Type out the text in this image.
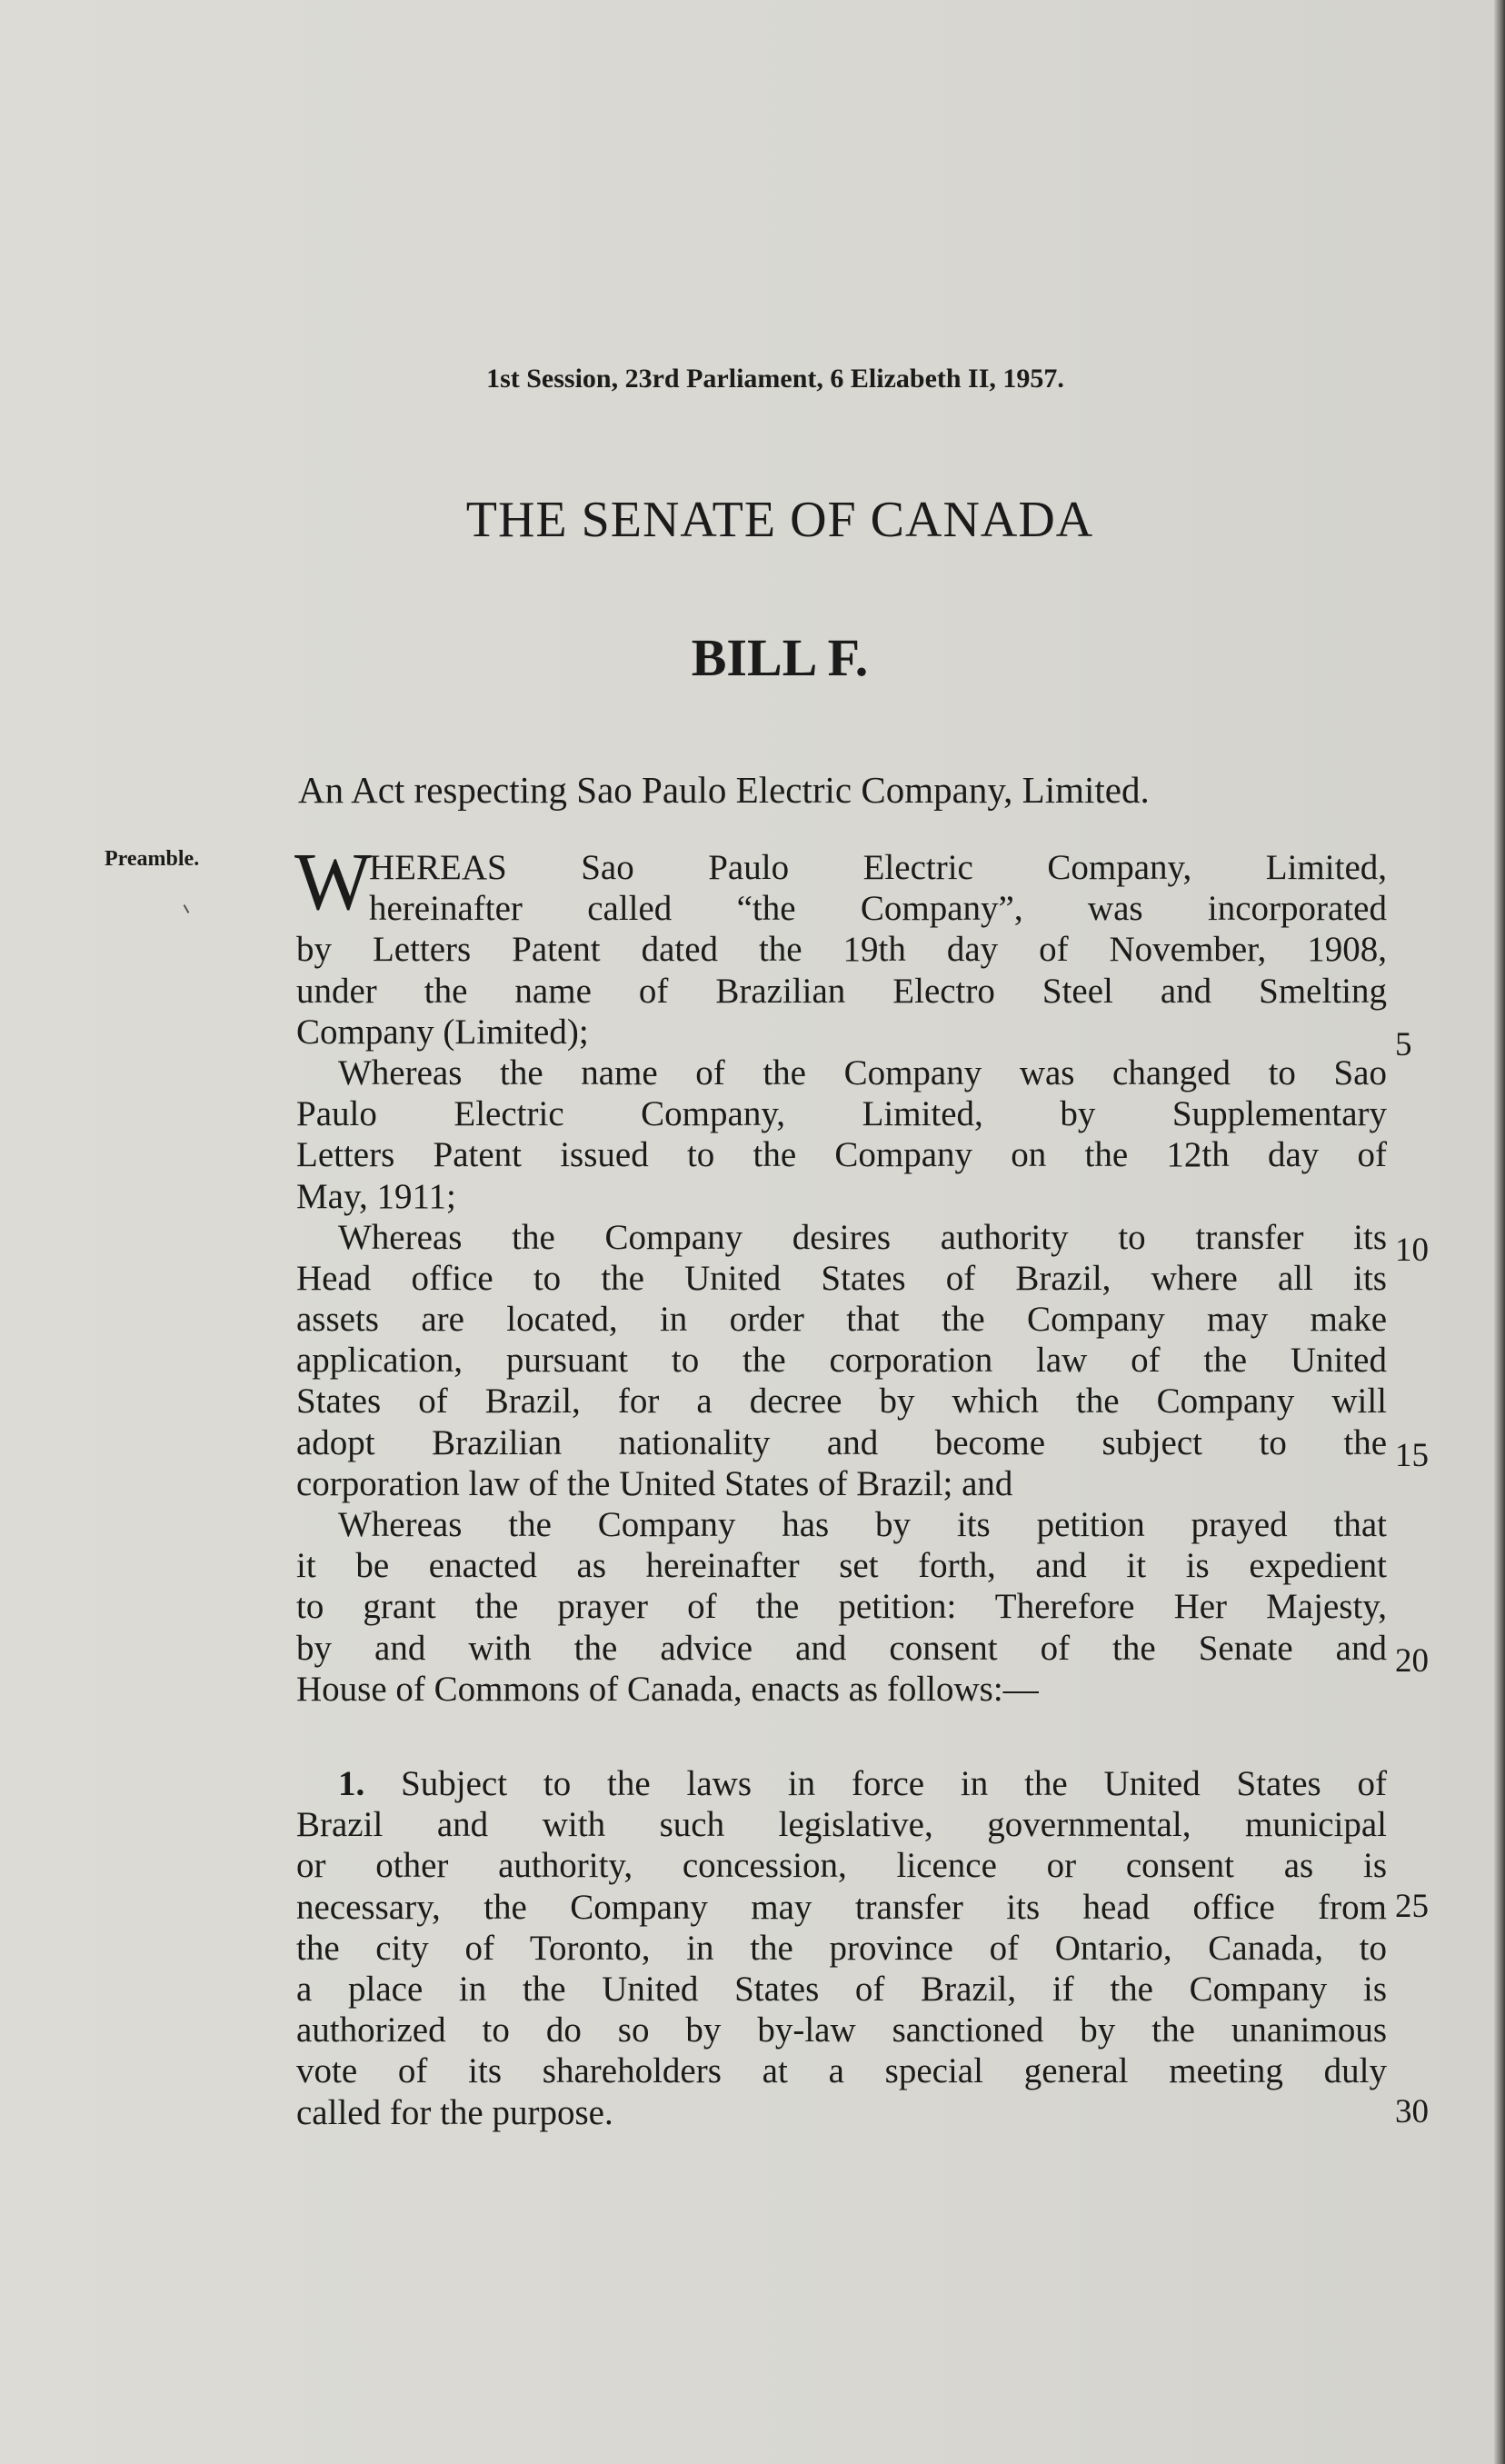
1st Session, 23rd Parliament, 6 Elizabeth II, 1957.
THE SENATE OF CANADA
BILL F.
An Act respecting Sao Paulo Electric Company, Limited.
Preamble. W
HEREAS Sao Paulo Electric Company, Limited,
hereinafter called “the Company”, was incorporated
by Letters Patent dated the 19th day of November, 1908,
under the name of Brazilian Electro Steel and Smelting
Company (Limited);
Whereas the name of the Company was changed to Sao
Paulo Electric Company, Limited, by Supplementary
Letters Patent issued to the Company on the 12th day of
May, 1911;
Whereas the Company desires authority to transfer its
Head office to the United States of Brazil, where all its
assets are located, in order that the Company may make
application, pursuant to the corporation law of the United
States of Brazil, for a decree by which the Company will
adopt Brazilian nationality and become subject to the
corporation law of the United States of Brazil; and
Whereas the Company has by its petition prayed that
it be enacted as hereinafter set forth, and it is expedient
to grant the prayer of the petition: Therefore Her Majesty,
by and with the advice and consent of the Senate and
House of Commons of Canada, enacts as follows:—
1. Subject to the laws in force in the United States of
Brazil and with such legislative, governmental, municipal
or other authority, concession, licence or consent as is
necessary, the Company may transfer its head office from
the city of Toronto, in the province of Ontario, Canada, to
a place in the United States of Brazil, if the Company is
authorized to do so by by-law sanctioned by the unanimous
vote of its shareholders at a special general meeting duly
called for the purpose.
5
10
15
20
25
30
